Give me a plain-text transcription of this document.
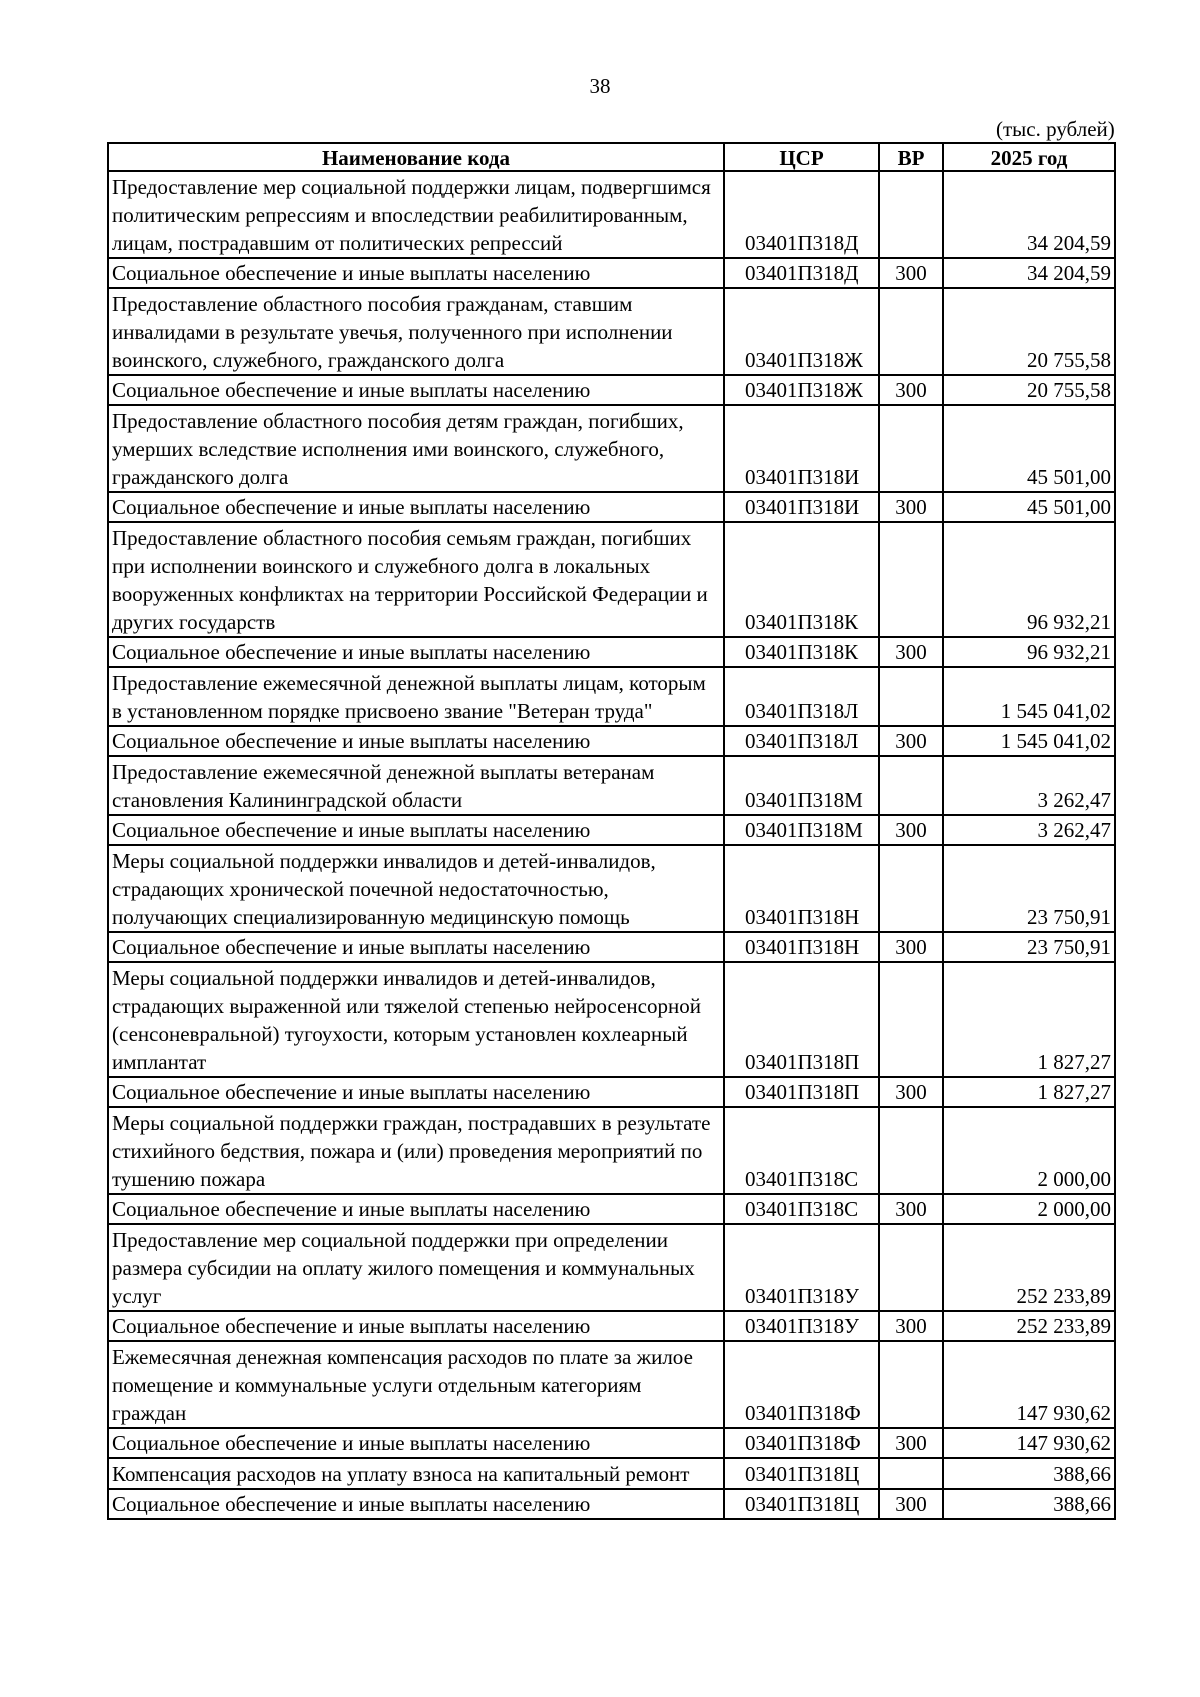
38
(тыс. рублей)
Наименование кода	ЦСР	ВР	2025 год
Предоставление мер социальной поддержки лицам, подвергшимся политическим репрессиям и впоследствии реабилитированным, лицам, пострадавшим от политических репрессий	03401П318Д		34 204,59
Социальное обеспечение и иные выплаты населению	03401П318Д	300	34 204,59
Предоставление областного пособия гражданам, ставшим инвалидами в результате увечья, полученного при исполнении воинского, служебного, гражданского долга	03401П318Ж		20 755,58
Социальное обеспечение и иные выплаты населению	03401П318Ж	300	20 755,58
Предоставление областного пособия детям граждан, погибших, умерших вследствие исполнения ими воинского, служебного, гражданского долга	03401П318И		45 501,00
Социальное обеспечение и иные выплаты населению	03401П318И	300	45 501,00
Предоставление областного пособия семьям граждан, погибших при исполнении воинского и служебного долга в локальных вооруженных конфликтах на территории Российской Федерации и других государств	03401П318К		96 932,21
Социальное обеспечение и иные выплаты населению	03401П318К	300	96 932,21
Предоставление ежемесячной денежной выплаты лицам, которым в установленном порядке присвоено звание "Ветеран труда"	03401П318Л		1 545 041,02
Социальное обеспечение и иные выплаты населению	03401П318Л	300	1 545 041,02
Предоставление ежемесячной денежной выплаты ветеранам становления Калининградской области	03401П318М		3 262,47
Социальное обеспечение и иные выплаты населению	03401П318М	300	3 262,47
Меры социальной поддержки инвалидов и детей-инвалидов, страдающих хронической почечной недостаточностью, получающих специализированную медицинскую помощь	03401П318Н		23 750,91
Социальное обеспечение и иные выплаты населению	03401П318Н	300	23 750,91
Меры социальной поддержки инвалидов и детей-инвалидов, страдающих выраженной или тяжелой степенью нейросенсорной (сенсоневральной) тугоухости, которым установлен кохлеарный имплантат	03401П318П		1 827,27
Социальное обеспечение и иные выплаты населению	03401П318П	300	1 827,27
Меры социальной поддержки граждан, пострадавших в результате стихийного бедствия, пожара и (или) проведения мероприятий по тушению пожара	03401П318С		2 000,00
Социальное обеспечение и иные выплаты населению	03401П318С	300	2 000,00
Предоставление мер социальной поддержки при определении размера субсидии на оплату жилого помещения и коммунальных услуг	03401П318У		252 233,89
Социальное обеспечение и иные выплаты населению	03401П318У	300	252 233,89
Ежемесячная денежная компенсация расходов по плате за жилое помещение и коммунальные услуги отдельным категориям граждан	03401П318Ф		147 930,62
Социальное обеспечение и иные выплаты населению	03401П318Ф	300	147 930,62
Компенсация расходов на уплату взноса на капитальный ремонт	03401П318Ц		388,66
Социальное обеспечение и иные выплаты населению	03401П318Ц	300	388,66
